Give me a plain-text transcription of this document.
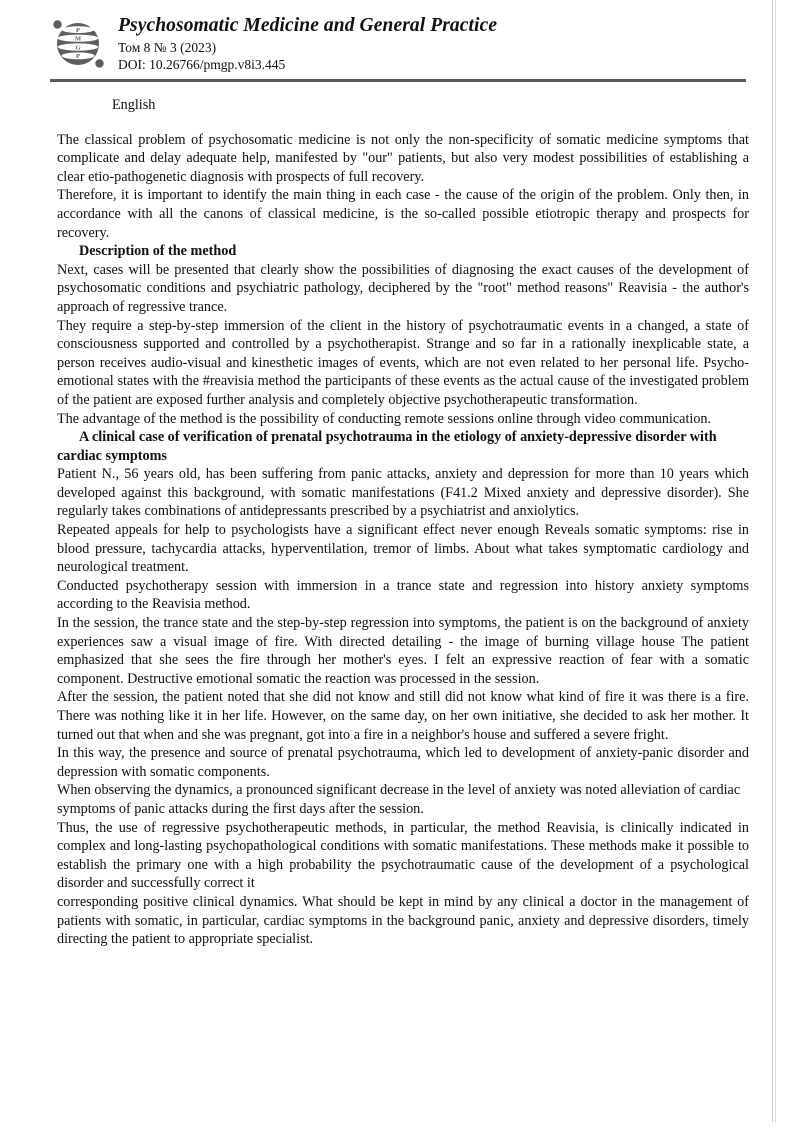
P
M
G
P
Psychosomatic Medicine and General Practice
Том 8 № 3 (2023)
DOI: 10.26766/pmgp.v8i3.445
English
The classical problem of psychosomatic medicine is not only the non-specificity of somatic medicine symptoms that complicate and delay adequate help, manifested by "our" patients, but also very modest possibilities of establishing a clear etio-pathogenetic diagnosis with prospects of full recovery.
Therefore, it is important to identify the main thing in each case - the cause of the origin of the problem. Only then, in accordance with all the canons of classical medicine, is the so-called possible etiotropic therapy and prospects for recovery.
Description of the method
Next, cases will be presented that clearly show the possibilities of diagnosing the exact causes of the development of psychosomatic conditions and psychiatric pathology, deciphered by the "root" method reasons" Reavisia - the author's approach of regressive trance.
They require a step-by-step immersion of the client in the history of psychotraumatic events in a changed, a state of consciousness supported and controlled by a psychotherapist. Strange and so far in a rationally inexplicable state, a person receives audio-visual and kinesthetic images of events, which are not even related to her personal life. Psycho-emotional states with the #reavisia method the participants of these events as the actual cause of the investigated problem of the patient are exposed further analysis and completely objective psychotherapeutic transformation.
The advantage of the method is the possibility of conducting remote sessions online through video communication.
A clinical case of verification of prenatal psychotrauma in the etiology of anxiety-depressive disorder with cardiac symptoms
Patient N., 56 years old, has been suffering from panic attacks, anxiety and depression for more than 10 years which developed against this background, with somatic manifestations (F41.2 Mixed anxiety and depressive disorder). She regularly takes combinations of antidepressants prescribed by a psychiatrist and anxiolytics.
Repeated appeals for help to psychologists have a significant effect never enough Reveals somatic symptoms: rise in blood pressure, tachycardia attacks, hyperventilation, tremor of limbs. About what takes symptomatic cardiology and neurological treatment.
Conducted psychotherapy session with immersion in a trance state and regression into history anxiety symptoms according to the Reavisia method.
In the session, the trance state and the step-by-step regression into symptoms, the patient is on the background of anxiety experiences saw a visual image of fire. With directed detailing - the image of burning village house The patient emphasized that she sees the fire through her mother's eyes. I felt an expressive reaction of fear with a somatic component. Destructive emotional somatic the reaction was processed in the session.
After the session, the patient noted that she did not know and still did not know what kind of fire it was there is a fire. There was nothing like it in her life. However, on the same day, on her own initiative, she decided to ask her mother. It turned out that when and she was pregnant, got into a fire in a neighbor's house and suffered a severe fright.
In this way, the presence and source of prenatal psychotrauma, which led to development of anxiety-panic disorder and depression with somatic components.
When observing the dynamics, a pronounced significant decrease in the level of anxiety was noted alleviation of cardiac symptoms of panic attacks during the first days after the session.
Thus, the use of regressive psychotherapeutic methods, in particular, the method Reavisia, is clinically indicated in complex and long-lasting psychopathological conditions with somatic manifestations. These methods make it possible to establish the primary one with a high probability the psychotraumatic cause of the development of a psychological disorder and successfully correct it
corresponding positive clinical dynamics. What should be kept in mind by any clinical a doctor in the management of patients with somatic, in particular, cardiac symptoms in the background panic, anxiety and depressive disorders, timely directing the patient to appropriate specialist.
